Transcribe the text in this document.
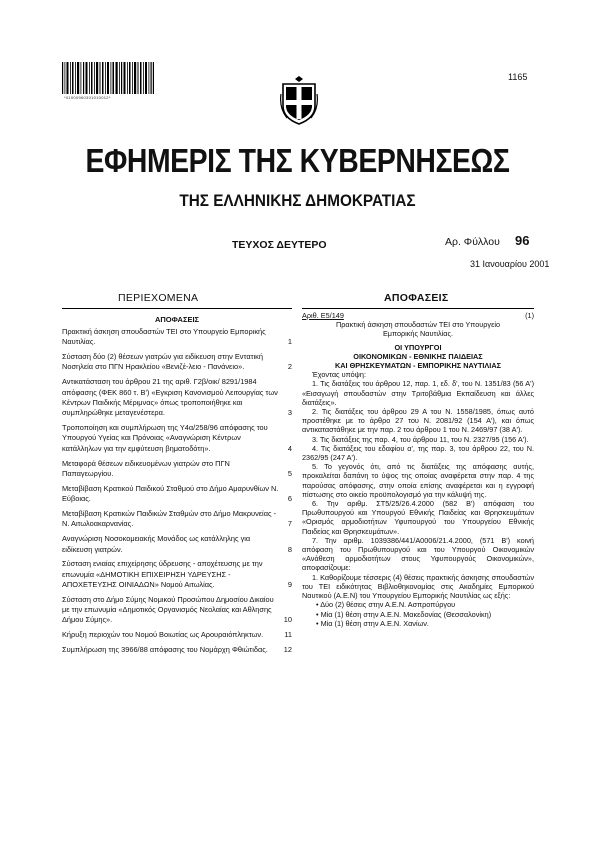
*01000960301010012*
1165
ΕΦΗΜΕΡΙΣ ΤΗΣ ΚΥΒΕΡΝΗΣΕΩΣ
ΤΗΣ ΕΛΛΗΝΙΚΗΣ ΔΗΜΟΚΡΑΤΙΑΣ
ΤΕΥΧΟΣ ΔΕΥΤΕΡΟ	Αρ. Φύλλου 96
31 Ιανουαρίου 2001
ΠΕΡΙΕΧΟΜΕΝΑ
ΑΠΟΦΑΣΕΙΣ
Πρακτική άσκηση σπουδαστών ΤΕΙ στο Υπουργείο Εμπορικής Ναυτιλίας.	1
Σύσταση δύο (2) θέσεων γιατρών για ειδίκευση στην Εντατική Νοσηλεία στο ΠΓΝ Ηρακλείου «Βενιζέ-λειο - Πανάνειο».	2
Αντικατάσταση του άρθρου 21 της αριθ. Γ2β/οικ/ 8291/1984 απόφασης (ΦΕΚ 860 τ. Β') «Εγκριση Κανονισμού Λειτουργίας των Κέντρων Παιδικής Μέριμνας» όπως τροποποιήθηκε και συμπληρώθηκε μεταγενέστερα.	3
Τροποποίηση και συμπλήρωση της Υ4α/258/96 απόφασης του Υπουργού Υγείας και Πρόνοιας «Αναγνώριση Κέντρων κατάλληλων για την εμφύτευση βηματοδότη».	4
Μεταφορά θέσεων ειδικευομένων γιατρών στο ΠΓΝ Παπαγεωργίου.	5
Μεταβίβαση Κρατικού Παιδικού Σταθμού στο Δήμο Αμαρυνθίων Ν. Εύβοιας.	6
Μεταβίβαση Κρατικών Παιδικών Σταθμών στο Δήμο Μακρυνείας - Ν. Αιτωλοακαρνανίας.	7
Αναγνώριση Νοσοκομειακής Μονάδος ως κατάλληλης για ειδίκευση γιατρών.	8
Σύσταση ενιαίας επιχείρησης ύδρευσης - αποχέτευσης με την επωνυμία «ΔΗΜΟΤΙΚΗ ΕΠΙΧΕΙΡΗΣΗ ΥΔΡΕΥΣΗΣ - ΑΠΟΧΕΤΕΥΣΗΣ ΟΙΝΙΑΔΩΝ» Νομού Αιτωλίας.	9
Σύσταση στο Δήμο Σύμης Νομικού Προσώπου Δημοσίου Δικαίου με την επωνυμία «Δημοτικός Οργανισμός Νεολαίας και Αθλησης Δήμου Σύμης».	10
Κήρυξη περιοχών του Νομού Βοιωτίας ως Αρουραιόπληκτων.	11
Συμπλήρωση της 3966/88 απόφασης του Νομάρχη Φθιώτιδας.	12
ΑΠΟΦΑΣΕΙΣ

Αριθ. Ε5/149	(1)

Πρακτική άσκηση σπουδαστών ΤΕΙ στο Υπουργείο Εμπορικής Ναυτιλίας.

ΟΙ ΥΠΟΥΡΓΟΙ

ΟΙΚΟΝΟΜΙΚΩΝ - ΕΘΝΙΚΗΣ ΠΑΙΔΕΙΑΣ

ΚΑΙ ΘΡΗΣΚΕΥΜΑΤΩΝ - ΕΜΠΟΡΙΚΗΣ ΝΑΥΤΙΛΙΑΣ

Έχοντας υπόψη:

1. Τις διατάξεις του άρθρου 12, παρ. 1, εδ. δ', του Ν. 1351/83 (56 Α') «Εισαγωγή σπουδαστών στην Τριτοβάθμια Εκπαίδευση και άλλες διατάξεις».

2. Τις διατάξεις του άρθρου 29 Α του Ν. 1558/1985, όπως αυτό προστέθηκε με το άρθρο 27 του Ν. 2081/92 (154 Α'), και όπως αντικαταστάθηκε με την παρ. 2 του άρθρου 1 του Ν. 2469/97 (38 Α').

3. Τις διατάξεις της παρ. 4, του άρθρου 11, του Ν. 2327/95 (156 Α').

4. Τις διατάξεις του εδαφίου α', της παρ. 3, του άρθρου 22, του Ν. 2362/95 (247 Α').

5. Το γεγονός ότι, από τις διατάξεις της απόφασης αυτής, προκαλείται δαπάνη το ύψος της οποίας αναφέρεται στην παρ. 4 της παρούσας απόφασης, στην οποία επίσης αναφέρεται και η εγγραφή πίστωσης στο οικείο προϋπολογισμό για την κάλυψή της.

6. Την αριθμ. ΣΤ5/25/26.4.2000 (582 Β') απόφαση του Πρωθυπουργού και Υπουργού Εθνικής Παιδείας και Θρησκευμάτων «Ορισμός αρμοδιοτήτων Υφυπουργού του Υπουργείου Εθνικής Παιδείας και Θρησκευμάτων».

7. Την αριθμ. 1039386/441/Α0006/21.4.2000, (571 Β') κοινή απόφαση του Πρωθυπουργού και του Υπουργού Οικονομικών «Ανάθεση αρμοδιοτήτων στους Υφυπουργούς Οικονομικών», αποφασίζουμε:

1. Καθορίζουμε τέσσερις (4) θέσεις πρακτικής άσκησης σπουδαστών του ΤΕΙ ειδικότητας Βιβλιοθηκονομίας στις Ακαδημίες Εμπορικού Ναυτικού (Α.Ε.Ν) του Υπουργείου Εμπορικής Ναυτιλίας ως εξής:

• Δύο (2) θέσεις στην Α.Ε.Ν. Ασπροπύργου

• Μία (1) θέση στην Α.Ε.Ν. Μακεδονίας (Θεσσαλονίκη)

• Μία (1) θέση στην Α.Ε.Ν. Χανίων.
